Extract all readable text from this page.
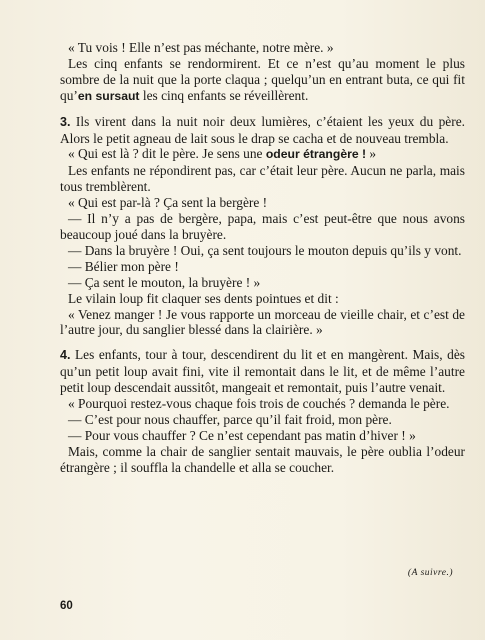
« Tu vois ! Elle n’est pas méchante, notre mère. »

Les cinq enfants se rendormirent. Et ce n’est qu’au moment le plus sombre de la nuit que la porte claqua ; quelqu’un en entrant buta, ce qui fit qu’en sursaut les cinq enfants se réveillèrent.

3. Ils virent dans la nuit noir deux lumières, c’étaient les yeux du père. Alors le petit agneau de lait sous le drap se cacha et de nouveau trembla.

« Qui est là ? dit le père. Je sens une odeur étrangère ! »

Les enfants ne répondirent pas, car c’était leur père. Aucun ne parla, mais tous tremblèrent.

« Qui est par-là ? Ça sent la bergère !

— Il n’y a pas de bergère, papa, mais c’est peut-être que nous avons beaucoup joué dans la bruyère.

— Dans la bruyère ! Oui, ça sent toujours le mouton depuis qu’ils y vont.

— Bélier mon père !

— Ça sent le mouton, la bruyère ! »

Le vilain loup fit claquer ses dents pointues et dit :

« Venez manger ! Je vous rapporte un morceau de vieille chair, et c’est de l’autre jour, du sanglier blessé dans la clairière. »

4. Les enfants, tour à tour, descendirent du lit et en mangèrent. Mais, dès qu’un petit loup avait fini, vite il remontait dans le lit, et de même l’autre petit loup descendait aussitôt, mangeait et remontait, puis l’autre venait.

« Pourquoi restez-vous chaque fois trois de couchés ? demanda le père.

— C’est pour nous chauffer, parce qu’il fait froid, mon père.

— Pour vous chauffer ? Ce n’est cependant pas matin d’hiver ! »

Mais, comme la chair de sanglier sentait mauvais, le père oublia l’odeur étrangère ; il souffla la chandelle et alla se coucher.

(A suivre.)
60
